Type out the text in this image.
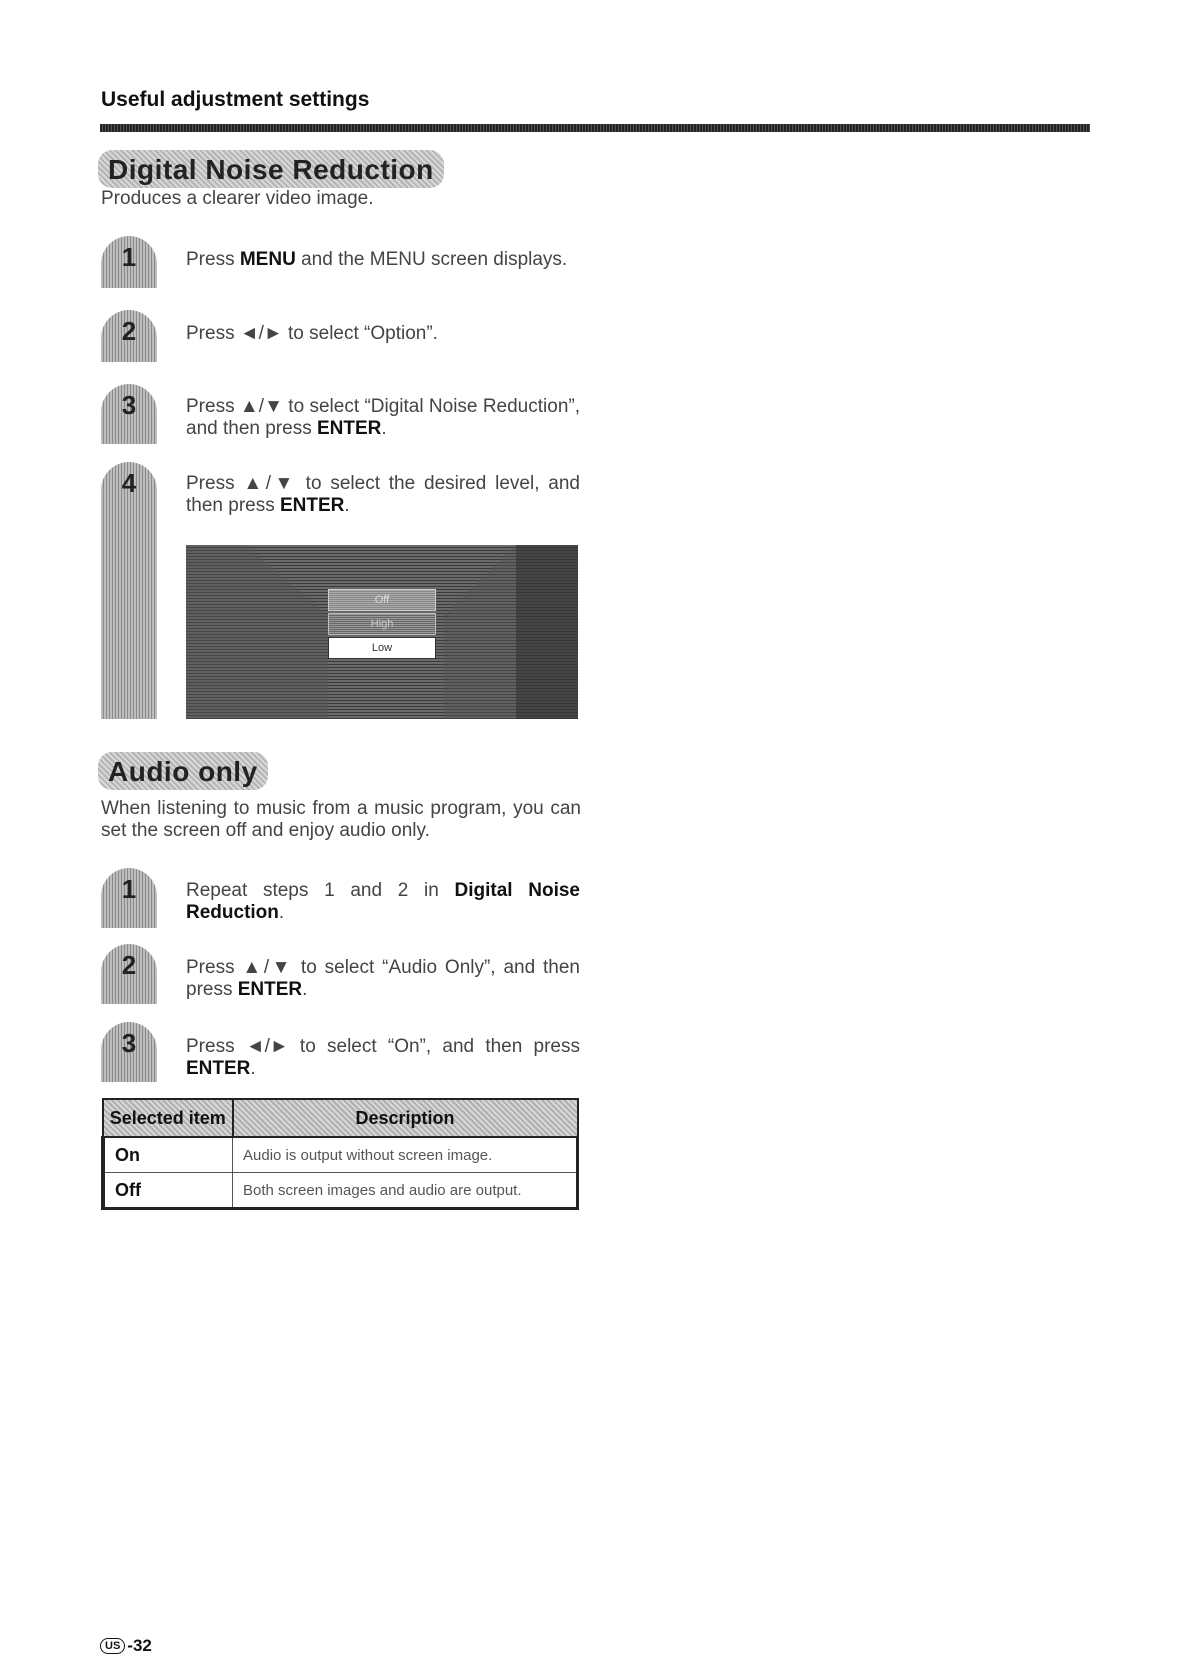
Useful adjustment settings
Digital Noise Reduction
Produces a clearer video image.
1	Press MENU and the MENU screen displays.
2	Press ◄/► to select “Option”.
3	Press ▲/▼ to select “Digital Noise Reduction”, and then press ENTER.
4	Press ▲/▼ to select the desired level, and then press ENTER.
Off
High
Low
Audio only
When listening to music from a music program, you can set the screen off and enjoy audio only.
1	Repeat steps 1 and 2 in Digital Noise Reduction.
2	Press ▲/▼ to select “Audio Only”, and then press ENTER.
3	Press ◄/► to select “On”, and then press ENTER.
Selected item	Description
On	Audio is output without screen image.
Off	Both screen images and audio are output.
US -32
